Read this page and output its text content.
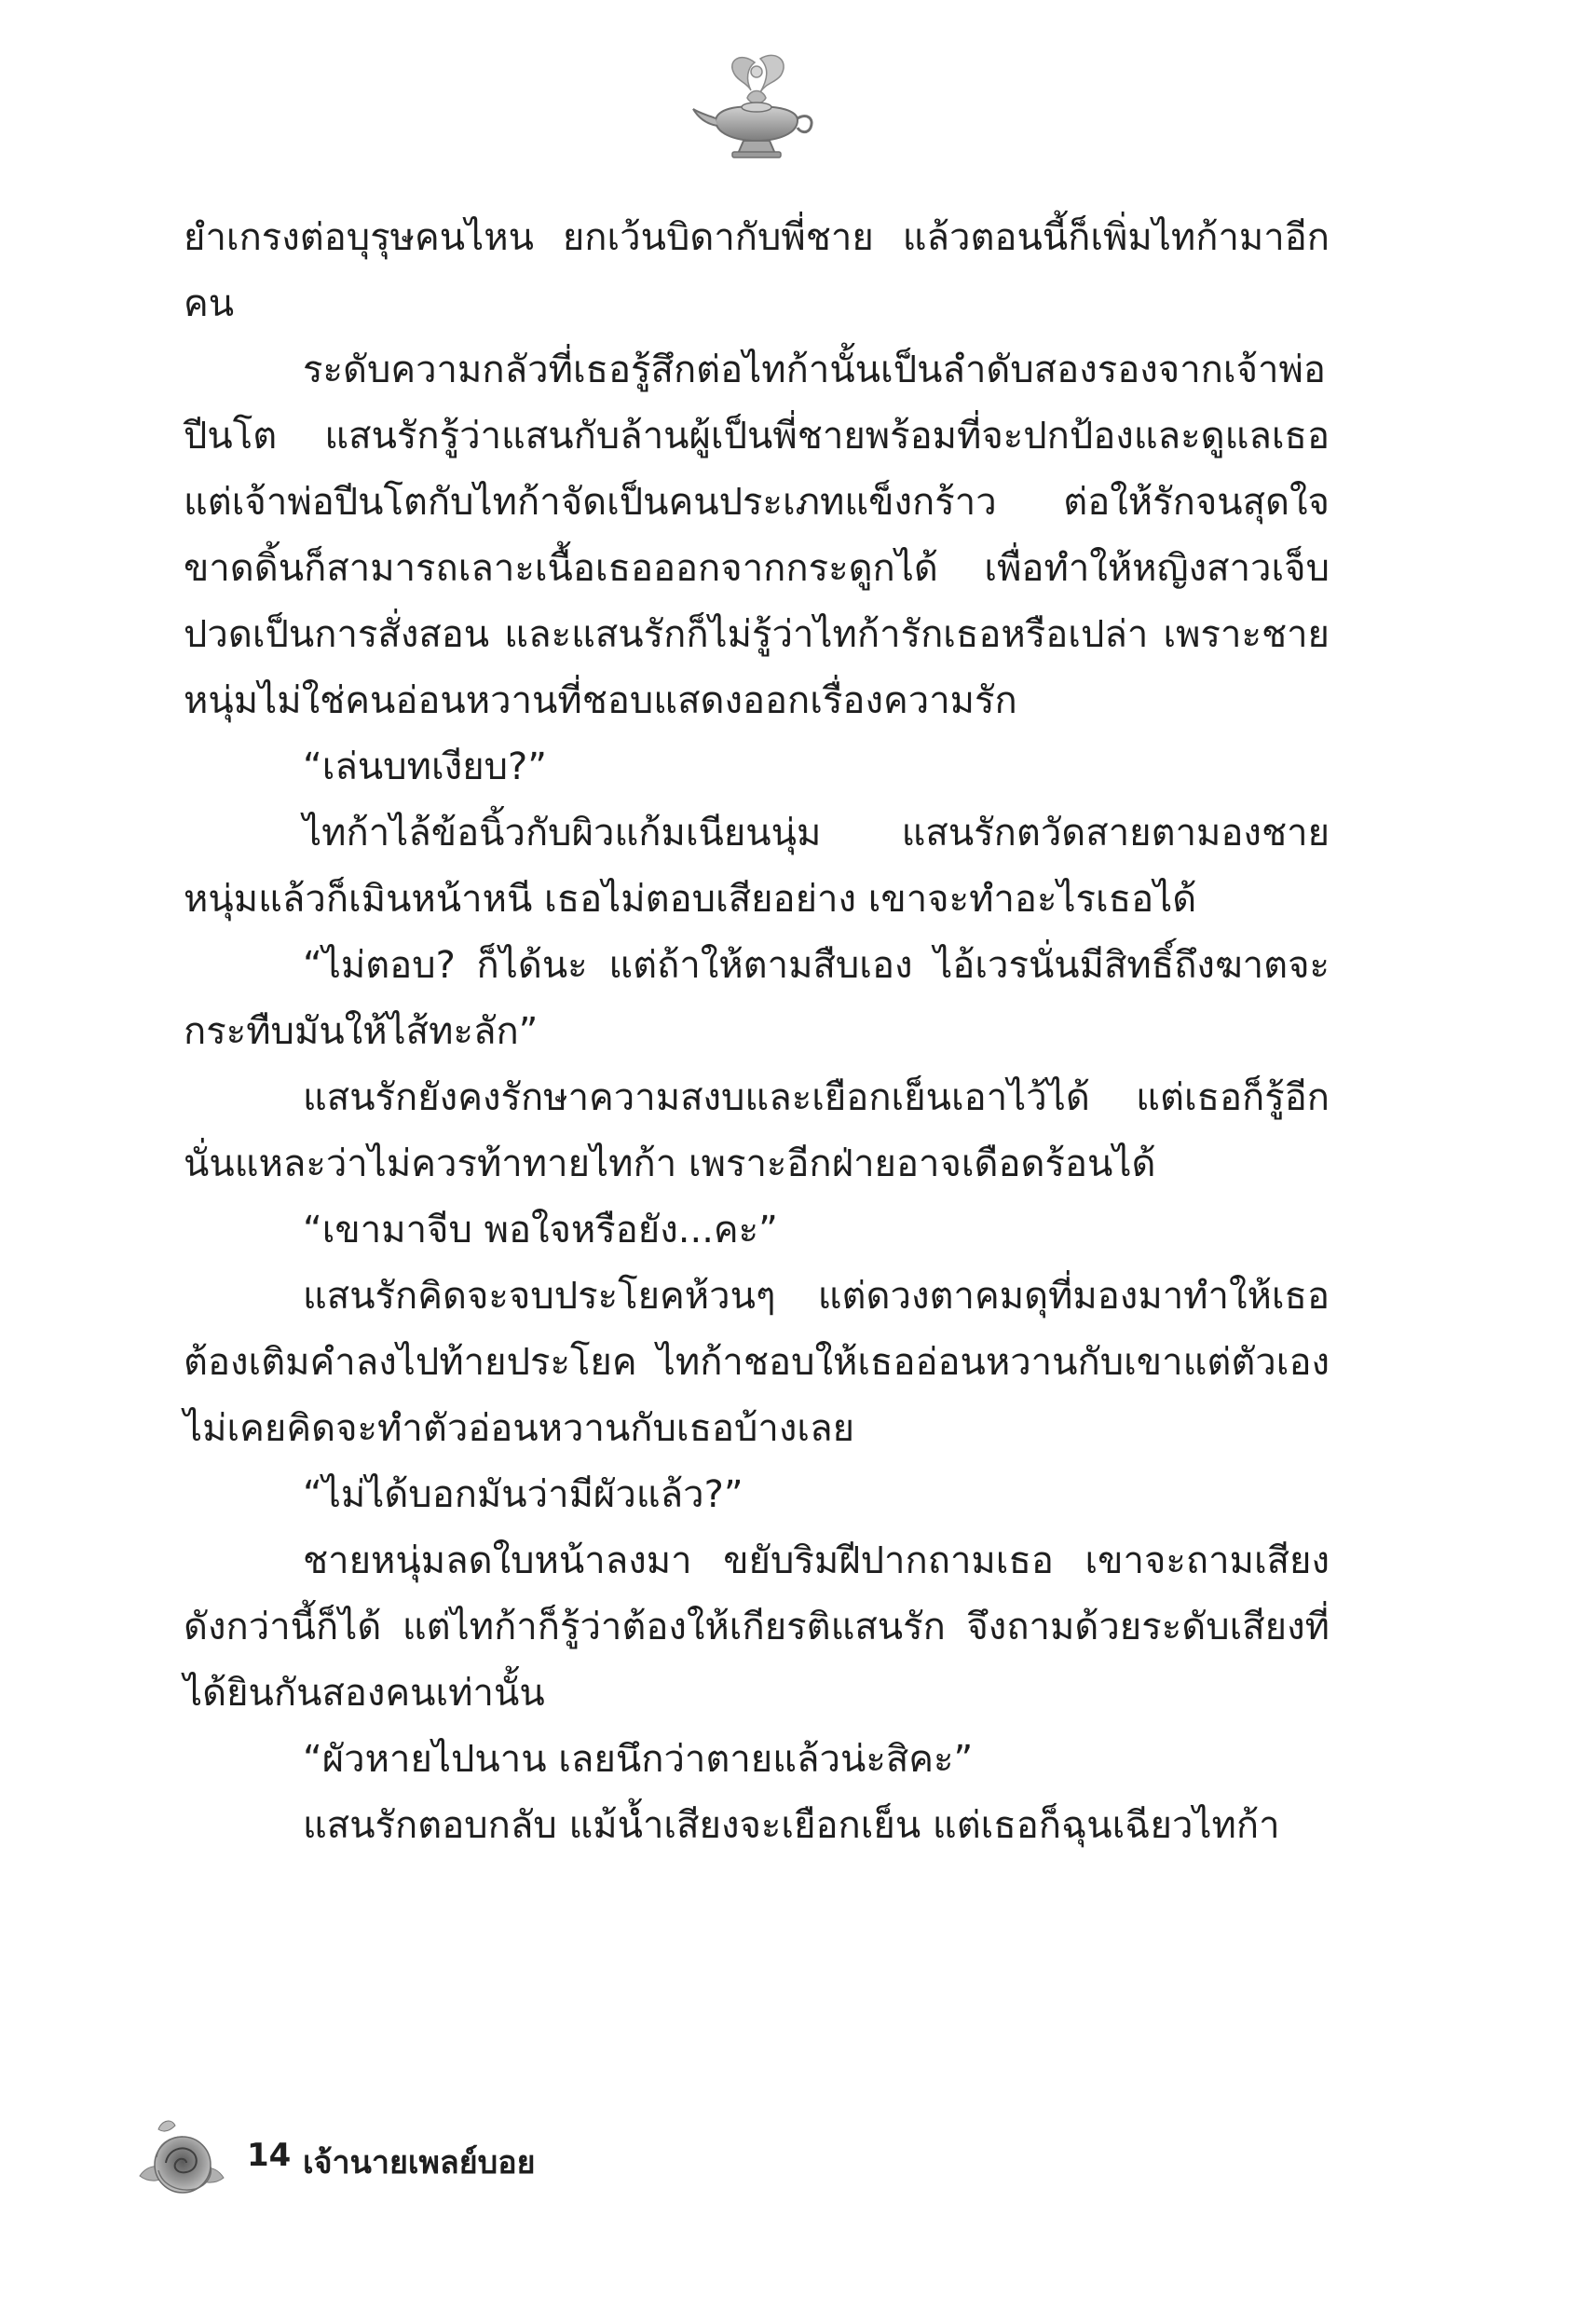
ยำเกรงต่อบุรุษคนไหน ยกเว้นบิดากับพี่ชาย แล้วตอนนี้ก็เพิ่มไทก้ามาอีกคน

ระดับความกลัวที่เธอรู้สึกต่อไทก้านั้นเป็นลำดับสองรองจากเจ้าพ่อปีนโต แสนรักรู้ว่าแสนกับล้านผู้เป็นพี่ชายพร้อมที่จะปกป้องและดูแลเธอ แต่เจ้าพ่อปีนโตกับไทก้าจัดเป็นคนประเภทแข็งกร้าว ต่อให้รักจนสุดใจขาดดิ้นก็สามารถเลาะเนื้อเธอออกจากกระดูกได้ เพื่อทำให้หญิงสาวเจ็บปวดเป็นการสั่งสอน และแสนรักก็ไม่รู้ว่าไทก้ารักเธอหรือเปล่า เพราะชายหนุ่มไม่ใช่คนอ่อนหวานที่ชอบแสดงออกเรื่องความรัก

“เล่นบทเงียบ?”

ไทก้าไล้ข้อนิ้วกับผิวแก้มเนียนนุ่ม แสนรักตวัดสายตามองชายหนุ่มแล้วก็เมินหน้าหนี เธอไม่ตอบเสียอย่าง เขาจะทำอะไรเธอได้

“ไม่ตอบ? ก็ได้นะ แต่ถ้าให้ตามสืบเอง ไอ้เวรนั่นมีสิทธิ์ถึงฆาตจะกระทืบมันให้ไส้ทะลัก”

แสนรักยังคงรักษาความสงบและเยือกเย็นเอาไว้ได้ แต่เธอก็รู้อีกนั่นแหละว่าไม่ควรท้าทายไทก้า เพราะอีกฝ่ายอาจเดือดร้อนได้

“เขามาจีบ พอใจหรือยัง...คะ”

แสนรักคิดจะจบประโยคห้วนๆ แต่ดวงตาคมดุที่มองมาทำให้เธอต้องเติมคำลงไปท้ายประโยค ไทก้าชอบให้เธออ่อนหวานกับเขาแต่ตัวเองไม่เคยคิดจะทำตัวอ่อนหวานกับเธอบ้างเลย

“ไม่ได้บอกมันว่ามีผัวแล้ว?”

ชายหนุ่มลดใบหน้าลงมา ขยับริมฝีปากถามเธอ เขาจะถามเสียงดังกว่านี้ก็ได้ แต่ไทก้าก็รู้ว่าต้องให้เกียรติแสนรัก จึงถามด้วยระดับเสียงที่ได้ยินกันสองคนเท่านั้น

“ผัวหายไปนาน เลยนึกว่าตายแล้วน่ะสิคะ”

แสนรักตอบกลับ แม้น้ำเสียงจะเยือกเย็น แต่เธอก็ฉุนเฉียวไทก้า

14 เจ้านายเพลย์บอย
